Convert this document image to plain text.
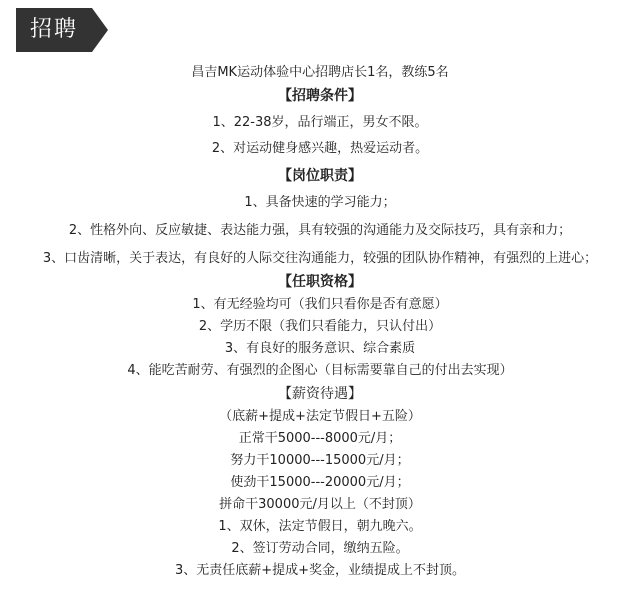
招聘
昌吉MK运动体验中心招聘店长1名，教练5名
【招聘条件】
1、22-38岁，品行端正，男女不限。
2、对运动健身感兴趣，热爱运动者。
【岗位职责】
1、具备快速的学习能力；
2、性格外向、反应敏捷、表达能力强，具有较强的沟通能力及交际技巧，具有亲和力；
3、口齿清晰，关于表达，有良好的人际交往沟通能力，较强的团队协作精神，有强烈的上进心；
【任职资格】
1、有无经验均可（我们只看你是否有意愿）
2、学历不限（我们只看能力，只认付出）
3、有良好的服务意识、综合素质
4、能吃苦耐劳、有强烈的企图心（目标需要靠自己的付出去实现）
【薪资待遇】
（底薪+提成+法定节假日+五险）
正常干5000---8000元/月；
努力干10000---15000元/月；
使劲干15000---20000元/月；
拼命干30000元/月以上（不封顶）
1、双休，法定节假日，朝九晚六。
2、签订劳动合同，缴纳五险。
3、无责任底薪+提成+奖金，业绩提成上不封顶。
